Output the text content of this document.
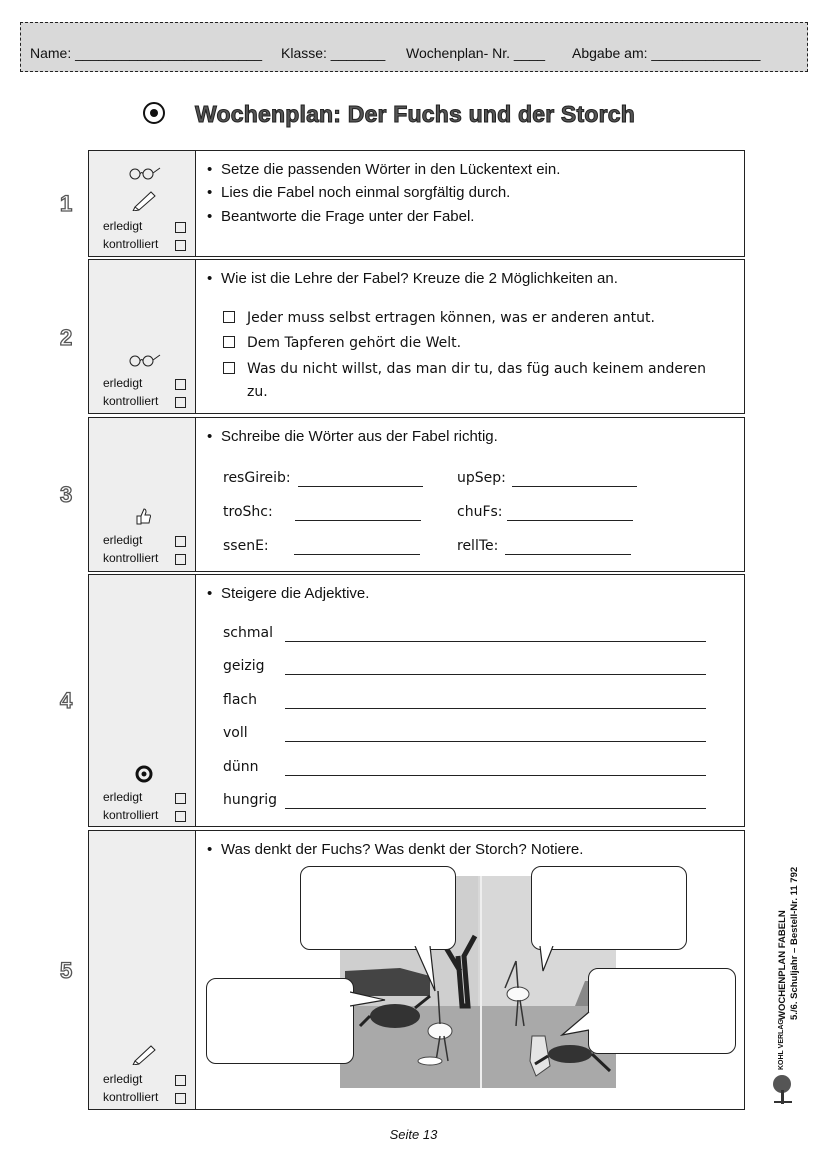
Name: ________________________ Klasse: _______ Wochenplan- Nr. ____ Abgabe am: ______________
Wochenplan: Der Fuchs und der Storch
erledigt
kontrolliert
• Setze die passenden Wörter in den Lückentext ein.
• Lies die Fabel noch einmal sorgfältig durch.
• Beantworte die Frage unter der Fabel.
1
erledigt
kontrolliert
• Wie ist die Lehre der Fabel? Kreuze die 2 Möglichkeiten an.
Jeder muss selbst ertragen können, was er anderen antut.
Dem Tapferen gehört die Welt.
Was du nicht willst, das man dir tu, das füg auch keinem anderen zu.
2
erledigt
kontrolliert
• Schreibe die Wörter aus der Fabel richtig.
resGireib:	upSep:
troShc:	chuFs:
ssenE:	rellTe:
3
erledigt
kontrolliert
• Steigere die Adjektive.
schmal
geizig
flach
voll
dünn
hungrig
4
erledigt
kontrolliert
• Was denkt der Fuchs? Was denkt der Storch? Notiere.
5	WOCHENPLAN FABELN 5./6. Schuljahr – Bestell-Nr. 11 792
KOHL VERLAG
Seite 13
